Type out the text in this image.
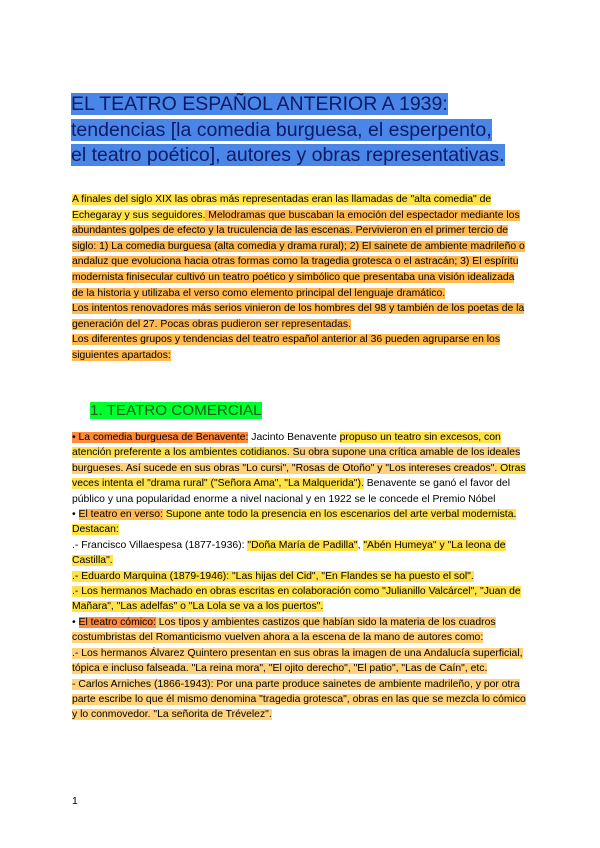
EL TEATRO ESPAÑOL ANTERIOR A 1939:
tendencias [la comedia burguesa, el esperpento,
el teatro poético], autores y obras representativas.
A finales del siglo XIX las obras más representadas eran las llamadas de "alta comedia" de Echegaray y sus seguidores. Melodramas que buscaban la emoción del espectador mediante los abundantes golpes de efecto y la truculencia de las escenas. Pervivieron en el primer tercio de siglo: 1) La comedia burguesa (alta comedia y drama rural); 2) El sainete de ambiente madrileño o andaluz que evoluciona hacia otras formas como la tragedia grotesca o el astracán; 3) El espíritu modernista finisecular cultivó un teatro poético y simbólico que presentaba una visión idealizada de la historia y utilizaba el verso como elemento principal del lenguaje dramático.
Los intentos renovadores más serios vinieron de los hombres del 98 y también de los poetas de la generación del 27. Pocas obras pudieron ser representadas.
Los diferentes grupos y tendencias del teatro español anterior al 36 pueden agruparse en los siguientes apartados:
1. TEATRO COMERCIAL
• La comedia burguesa de Benavente: Jacinto Benavente propuso un teatro sin excesos, con atención preferente a los ambientes cotidianos. Su obra supone una crítica amable de los ideales burgueses. Así sucede en sus obras "Lo cursi", "Rosas de Otoño" y "Los intereses creados". Otras veces intenta el "drama rural" ("Señora Ama", "La Malquerida"). Benavente se ganó el favor del público y una popularidad enorme a nivel nacional y en 1922 se le concede el Premio Nóbel
• El teatro en verso: Supone ante todo la presencia en los escenarios del arte verbal modernista. Destacan:
.- Francisco Villaespesa (1877-1936): "Doña María de Padilla", "Abén Humeya" y "La leona de Castilla".
.- Eduardo Marquina (1879-1946): "Las hijas del Cid", "En Flandes se ha puesto el sol".
.- Los hermanos Machado en obras escritas en colaboración como "Julianillo Valcárcel", "Juan de Mañara", "Las adelfas" o "La Lola se va a los puertos".
• El teatro cómico: Los tipos y ambientes castizos que habían sido la materia de los cuadros costumbristas del Romanticismo vuelven ahora a la escena de la mano de autores como:
.- Los hermanos Álvarez Quintero presentan en sus obras la imagen de una Andalucía superficial, tópica e incluso falseada. "La reina mora", "El ojito derecho", "El patio", "Las de Caín", etc.
- Carlos Arniches (1866-1943): Por una parte produce sainetes de ambiente madrileño, y por otra parte escribe lo que él mismo denomina "tragedia grotesca", obras en las que se mezcla lo cómico y lo conmovedor. "La señorita de Trévelez".
1
